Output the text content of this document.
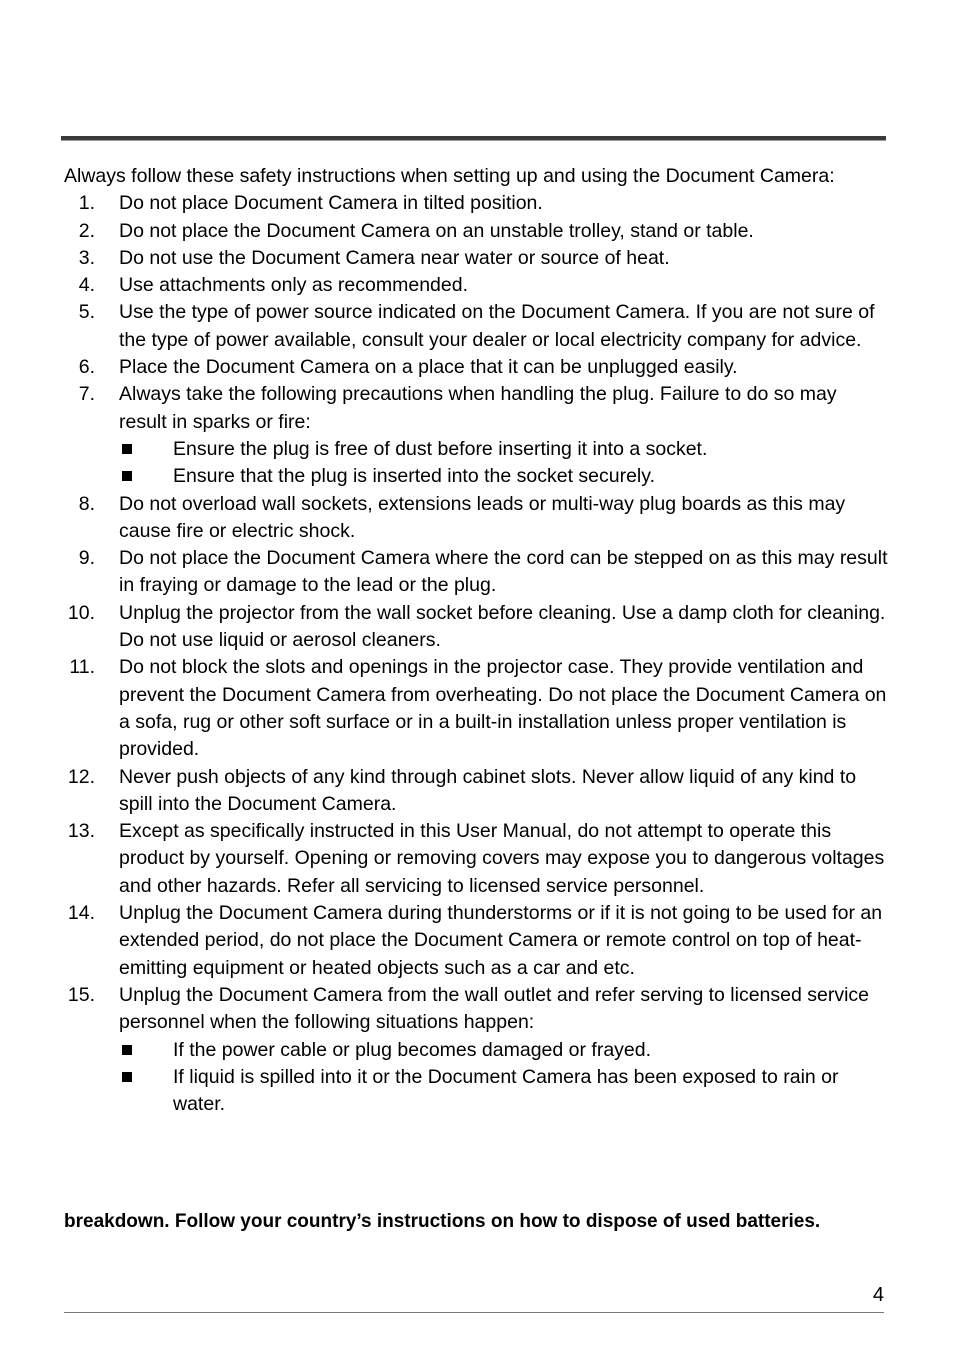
Always follow these safety instructions when setting up and using the Document Camera:

1. Do not place Document Camera in tilted position.
2. Do not place the Document Camera on an unstable trolley, stand or table.
3. Do not use the Document Camera near water or source of heat.
4. Use attachments only as recommended.
5. Use the type of power source indicated on the Document Camera. If you are not sure of the type of power available, consult your dealer or local electricity company for advice.
6. Place the Document Camera on a place that it can be unplugged easily.
7. Always take the following precautions when handling the plug. Failure to do so may result in sparks or fire:
Ensure the plug is free of dust before inserting it into a socket.
Ensure that the plug is inserted into the socket securely.
8. Do not overload wall sockets, extensions leads or multi-way plug boards as this may cause fire or electric shock.
9. Do not place the Document Camera where the cord can be stepped on as this may result in fraying or damage to the lead or the plug.
10. Unplug the projector from the wall socket before cleaning. Use a damp cloth for cleaning. Do not use liquid or aerosol cleaners.
11. Do not block the slots and openings in the projector case. They provide ventilation and prevent the Document Camera from overheating. Do not place the Document Camera on a sofa, rug or other soft surface or in a built-in installation unless proper ventilation is provided.
12. Never push objects of any kind through cabinet slots. Never allow liquid of any kind to spill into the Document Camera.
13. Except as specifically instructed in this User Manual, do not attempt to operate this product by yourself. Opening or removing covers may expose you to dangerous voltages and other hazards. Refer all servicing to licensed service personnel.
14. Unplug the Document Camera during thunderstorms or if it is not going to be used for an extended period, do not place the Document Camera or remote control on top of heat-emitting equipment or heated objects such as a car and etc.
15. Unplug the Document Camera from the wall outlet and refer serving to licensed service personnel when the following situations happen:
If the power cable or plug becomes damaged or frayed.
If liquid is spilled into it or the Document Camera has been exposed to rain or water.
breakdown. Follow your country’s instructions on how to dispose of used batteries.
4
